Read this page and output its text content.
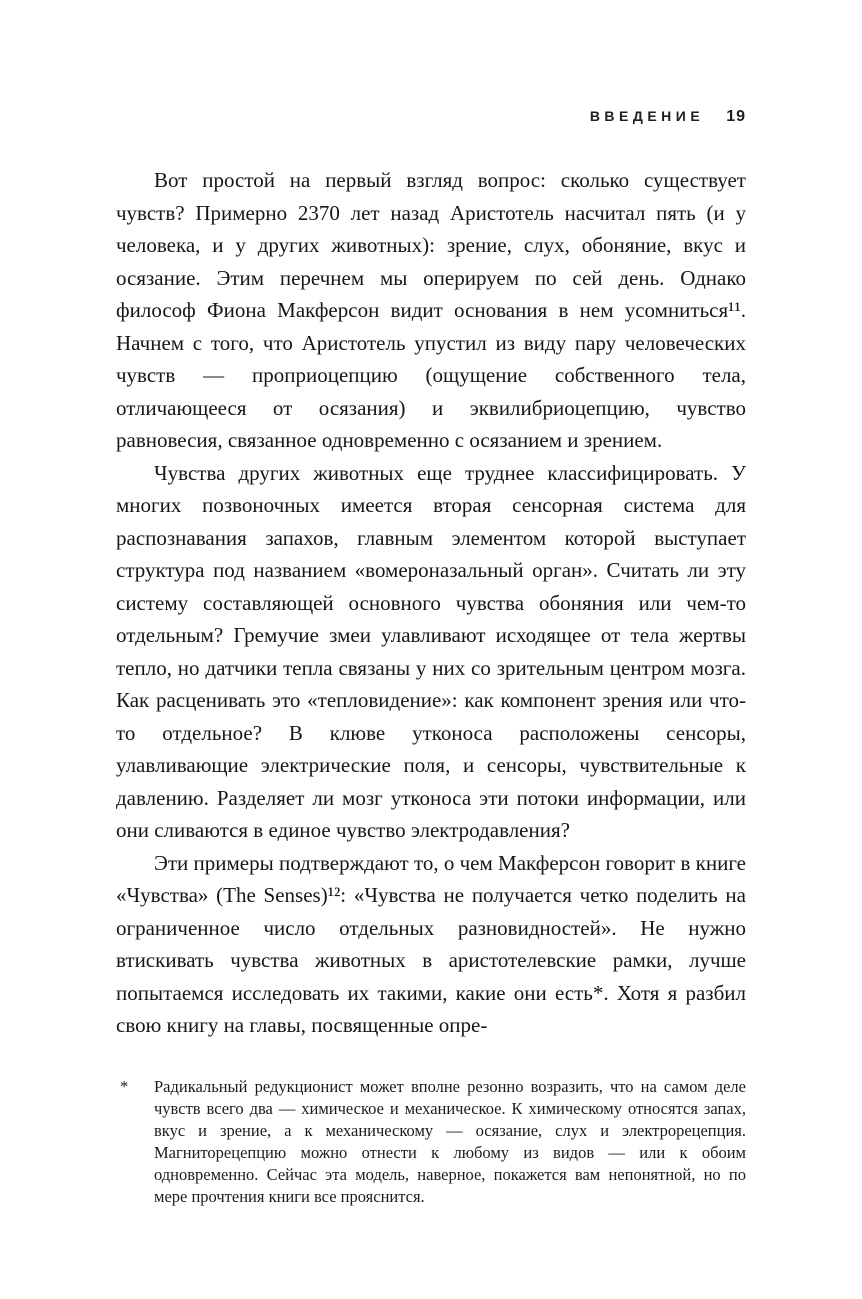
ВВЕДЕНИЕ 19

Вот простой на первый взгляд вопрос: сколько существует чувств? Примерно 2370 лет назад Аристотель насчитал пять (и у человека, и у других животных): зрение, слух, обоняние, вкус и осязание. Этим перечнем мы оперируем по сей день. Однако философ Фиона Макферсон видит основания в нем усомниться¹¹. Начнем с того, что Аристотель упустил из виду пару человеческих чувств — проприоцепцию (ощущение собственного тела, отличающееся от осязания) и эквилибриоцепцию, чувство равновесия, связанное одновременно с осязанием и зрением.

Чувства других животных еще труднее классифицировать. У многих позвоночных имеется вторая сенсорная система для распознавания запахов, главным элементом которой выступает структура под названием «вомероназальный орган». Считать ли эту систему составляющей основного чувства обоняния или чем-то отдельным? Гремучие змеи улавливают исходящее от тела жертвы тепло, но датчики тепла связаны у них со зрительным центром мозга. Как расценивать это «тепловидение»: как компонент зрения или что-то отдельное? В клюве утконоса расположены сенсоры, улавливающие электрические поля, и сенсоры, чувствительные к давлению. Разделяет ли мозг утконоса эти потоки информации, или они сливаются в единое чувство электродавления?

Эти примеры подтверждают то, о чем Макферсон говорит в книге «Чувства» (The Senses)¹²: «Чувства не получается четко поделить на ограниченное число отдельных разновидностей». Не нужно втискивать чувства животных в аристотелевские рамки, лучше попытаемся исследовать их такими, какие они есть*. Хотя я разбил свою книгу на главы, посвященные опре-

*	Радикальный редукционист может вполне резонно возразить, что на самом деле чувств всего два — химическое и механическое. К химическому относятся запах, вкус и зрение, а к механическому — осязание, слух и электрорецепция. Магниторецепцию можно отнести к любому из видов — или к обоим одновременно. Сейчас эта модель, наверное, покажется вам непонятной, но по мере прочтения книги все прояснится.
